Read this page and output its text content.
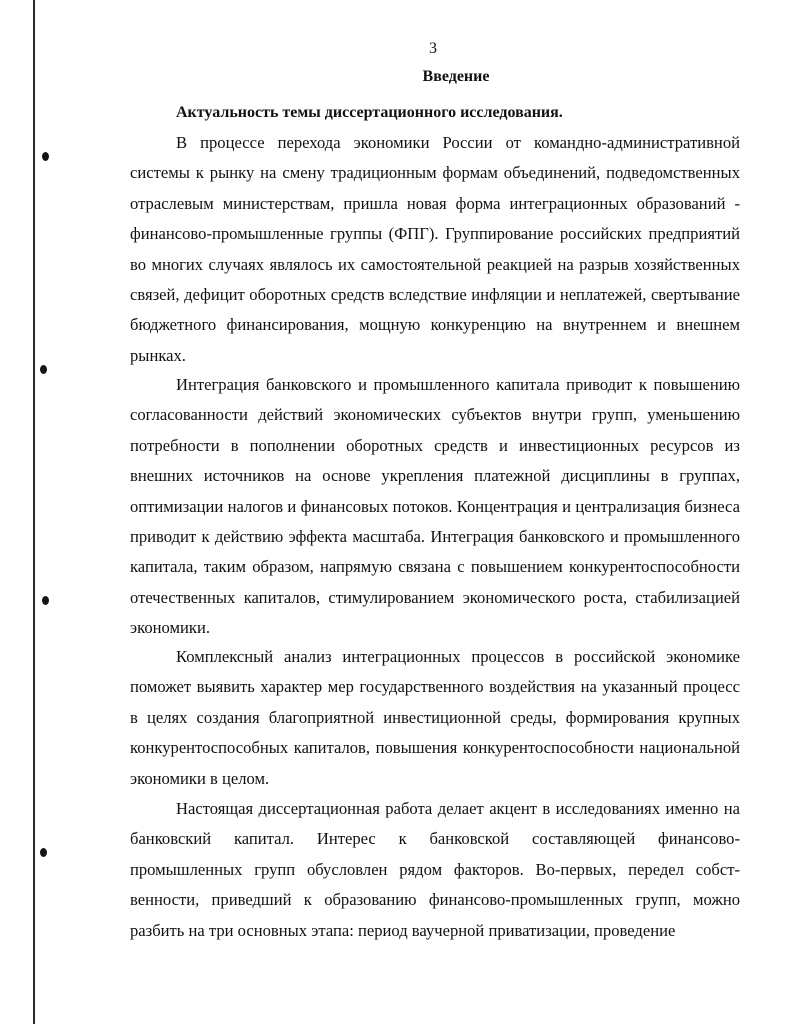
3
Введение
Актуальность темы диссертационного исследования.

В процессе перехода экономики России от командно-административной системы к рынку на смену традиционным формам объединений, подведомственных отраслевым министерствам, пришла новая форма интеграционных образований - финансово-промышленные группы (ФПГ). Группирование российских предприятий во многих случаях являлось их самостоятельной реакцией на разрыв хозяйственных связей, дефицит оборотных средств вследствие инфляции и неплатежей, свертывание бюджетного финансирования, мощную конкуренцию на внутреннем и внешнем рынках.

Интеграция банковского и промышленного капитала приводит к повышению согласованности действий экономических субъектов внутри групп, уменьшению потребности в пополнении оборотных средств и инвестиционных ресурсов из внешних источников на основе укрепления платежной дисциплины в группах, оптимизации налогов и финансовых потоков. Концентрация и централизация бизнеса приводит к действию эффекта масштаба. Интеграция банковского и промышленного капитала, таким образом, напрямую связана с повышением конкурентоспособности отечественных капиталов, стимулированием экономического роста, стабилизацией экономики.

Комплексный анализ интеграционных процессов в российской экономике поможет выявить характер мер государственного воздействия на указанный процесс в целях создания благоприятной инвестиционной среды, формирования крупных конкурентоспособных капиталов, повышения конкурентоспособности национальной экономики в целом.

Настоящая диссертационная работа делает акцент в исследованиях именно на банковский капитал. Интерес к банковской составляющей финансово-промышленных групп обусловлен рядом факторов. Во-первых, передел собственности, приведший к образованию финансово-промышленных групп, можно разбить на три основных этапа: период ваучерной приватизации, проведение
